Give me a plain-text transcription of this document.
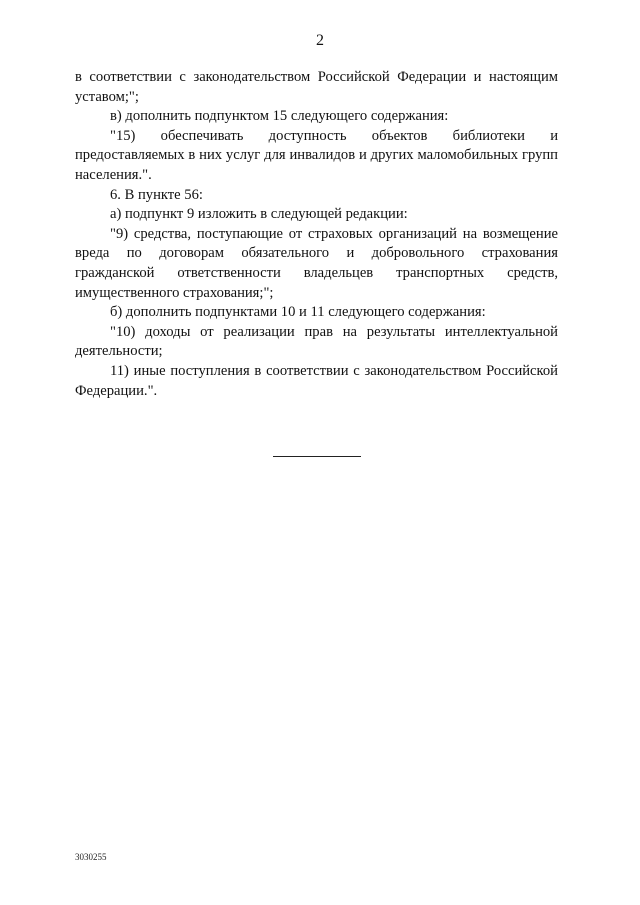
2

в соответствии с законодательством Российской Федерации и настоящим уставом;";

в) дополнить подпунктом 15 следующего содержания:

"15) обеспечивать доступность объектов библиотеки и предоставляемых в них услуг для инвалидов и других маломобильных групп населения.".

6. В пункте 56:

а) подпункт 9 изложить в следующей редакции:

"9) средства, поступающие от страховых организаций на возмещение вреда по договорам обязательного и добровольного страхования гражданской ответственности владельцев транспортных средств, имущественного страхования;";

б) дополнить подпунктами 10 и 11 следующего содержания:

"10) доходы от реализации прав на результаты интеллектуальной деятельности;

11) иные поступления в соответствии с законодательством Российской Федерации.".

3030255
